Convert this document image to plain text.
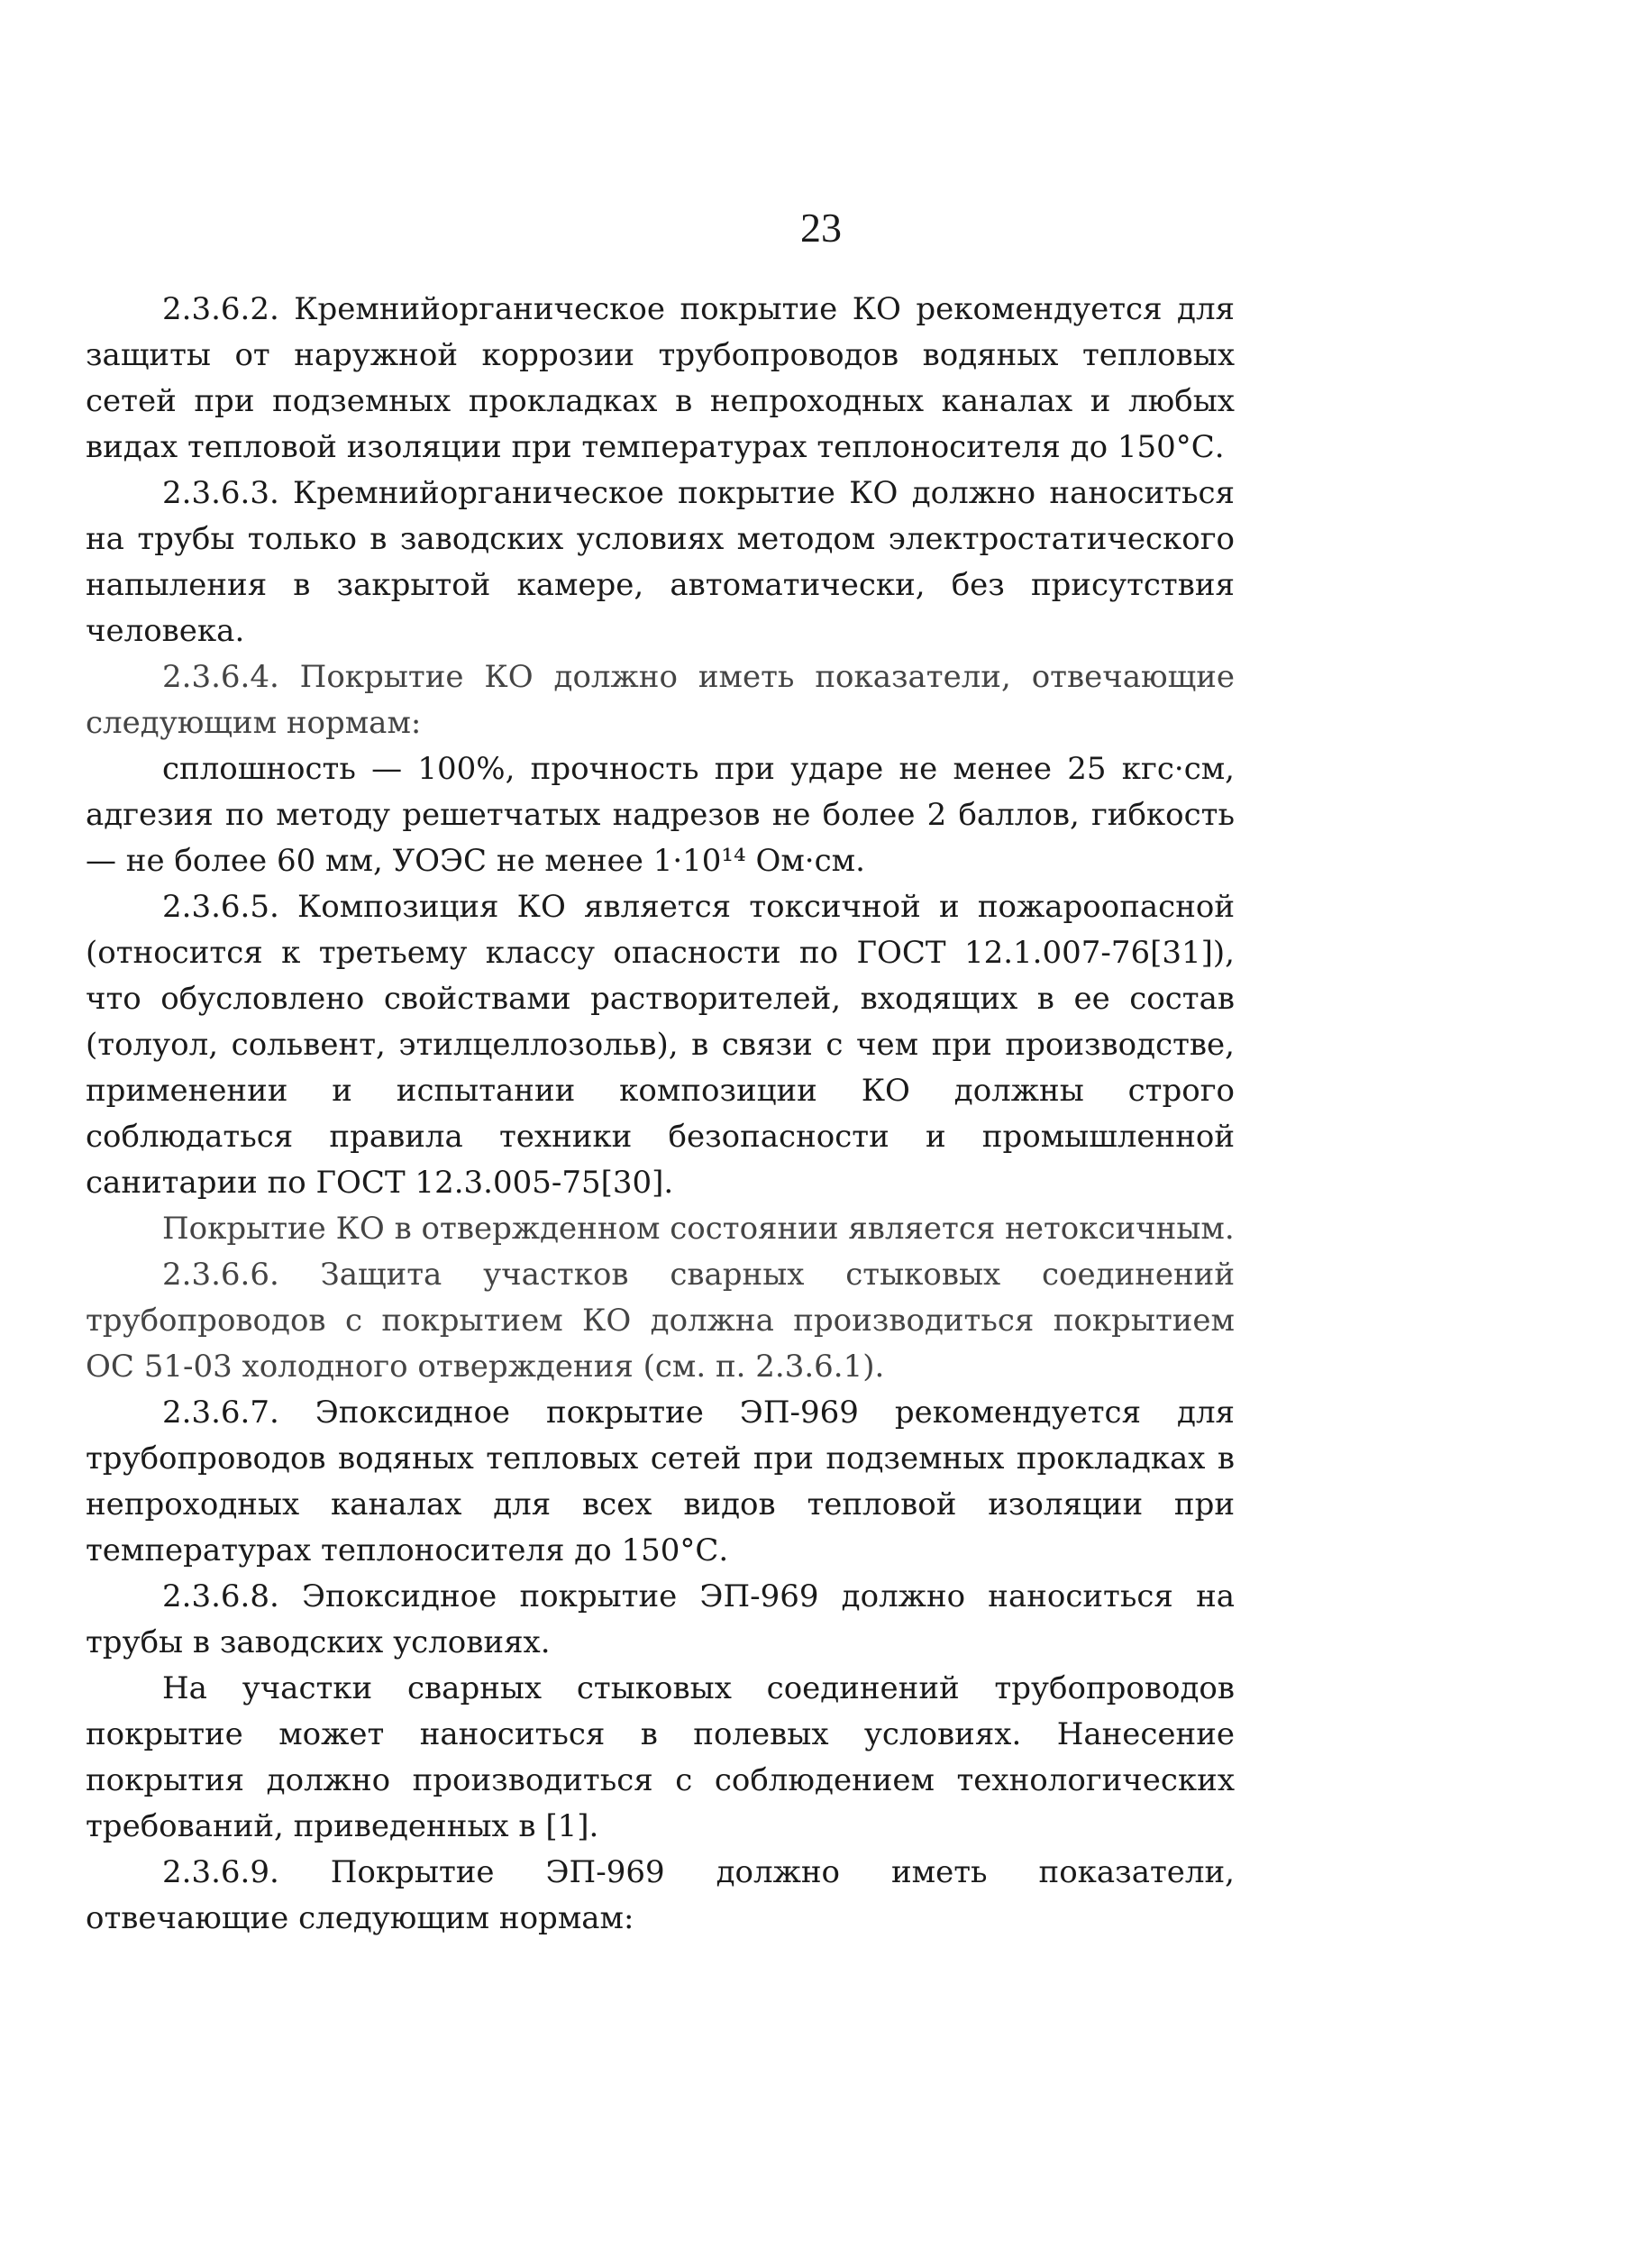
23

2.3.6.2. Кремнийорганическое покрытие КО рекомендуется для защиты от наружной коррозии трубопроводов водяных тепловых сетей при подземных прокладках в непроходных каналах и любых видах тепловой изоляции при температурах теплоносителя до 150°С.

2.3.6.3. Кремнийорганическое покрытие КО должно наноситься на трубы только в заводских условиях методом электростатического напыления в закрытой камере, автоматически, без присутствия человека.

2.3.6.4. Покрытие КО должно иметь показатели, отвечающие следующим нормам:

сплошность — 100%, прочность при ударе не менее 25 кгс·см, адгезия по методу решетчатых надрезов не более 2 баллов, гибкость — не более 60 мм, УОЭС не менее 1·10¹⁴ Ом·см.

2.3.6.5. Композиция КО является токсичной и пожароопасной (относится к третьему классу опасности по ГОСТ 12.1.007-76[31]), что обусловлено свойствами растворителей, входящих в ее состав (толуол, сольвент, этилцеллозольв), в связи с чем при производстве, применении и испытании композиции КО должны строго соблюдаться правила техники безопасности и промышленной санитарии по ГОСТ 12.3.005-75[30].

Покрытие КО в отвержденном состоянии является нетоксичным.

2.3.6.6. Защита участков сварных стыковых соединений трубопроводов с покрытием КО должна производиться покрытием ОС 51-03 холодного отверждения (см. п. 2.3.6.1).

2.3.6.7. Эпоксидное покрытие ЭП-969 рекомендуется для трубопроводов водяных тепловых сетей при подземных прокладках в непроходных каналах для всех видов тепловой изоляции при температурах теплоносителя до 150°С.

2.3.6.8. Эпоксидное покрытие ЭП-969 должно наноситься на трубы в заводских условиях.

На участки сварных стыковых соединений трубопроводов покрытие может наноситься в полевых условиях. Нанесение покрытия должно производиться с соблюдением технологических требований, приведенных в [1].

2.3.6.9. Покрытие ЭП-969 должно иметь показатели, отвечающие следующим нормам:
